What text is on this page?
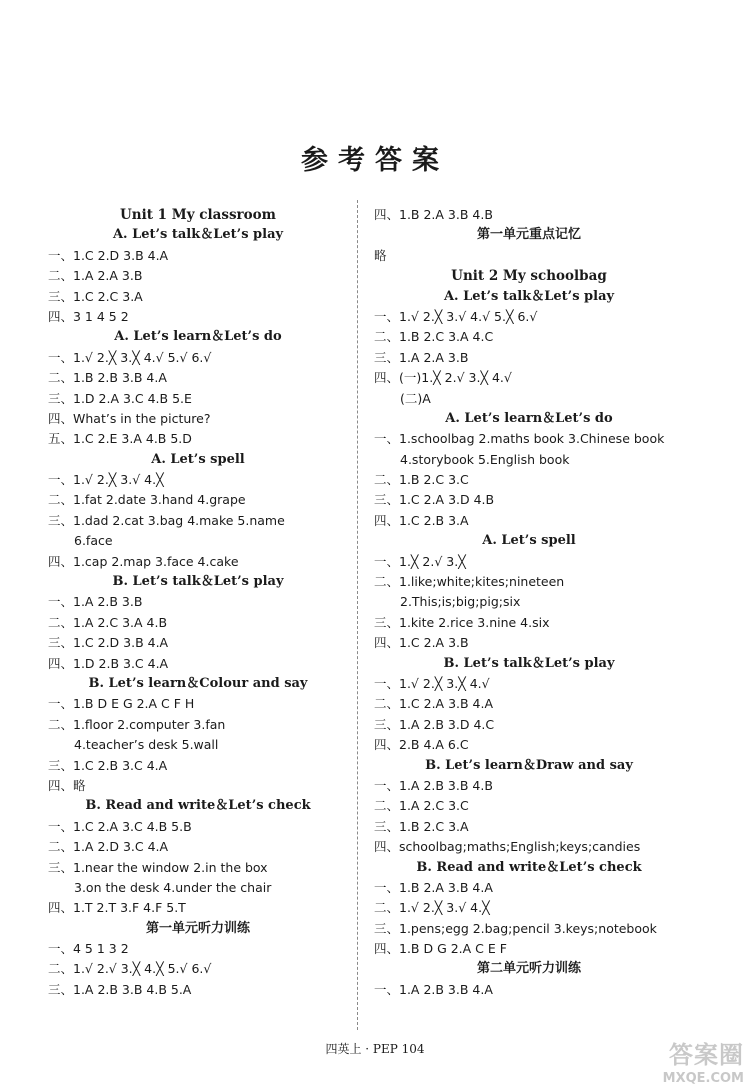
参考答案
Unit 1 My classroom
A. Let’s talk＆Let’s play
一、1.C 2.D 3.B 4.A
二、1.A 2.A 3.B
三、1.C 2.C 3.A
四、3 1 4 5 2
A. Let’s learn＆Let’s do
一、1.√ 2.╳ 3.╳ 4.√ 5.√ 6.√
二、1.B 2.B 3.B 4.A
三、1.D 2.A 3.C 4.B 5.E
四、What’s in the picture?
五、1.C 2.E 3.A 4.B 5.D
A. Let’s spell
一、1.√ 2.╳ 3.√ 4.╳
二、1.fat 2.date 3.hand 4.grape
三、1.dad 2.cat 3.bag 4.make 5.name
6.face
四、1.cap 2.map 3.face 4.cake
B. Let’s talk＆Let’s play
一、1.A 2.B 3.B
二、1.A 2.C 3.A 4.B
三、1.C 2.D 3.B 4.A
四、1.D 2.B 3.C 4.A
B. Let’s learn＆Colour and say
一、1.B D E G 2.A C F H
二、1.floor 2.computer 3.fan
4.teacher’s desk 5.wall
三、1.C 2.B 3.C 4.A
四、略
B. Read and write＆Let’s check
一、1.C 2.A 3.C 4.B 5.B
二、1.A 2.D 3.C 4.A
三、1.near the window 2.in the box
3.on the desk 4.under the chair
四、1.T 2.T 3.F 4.F 5.T
第一单元听力训练
一、4 5 1 3 2
二、1.√ 2.√ 3.╳ 4.╳ 5.√ 6.√
三、1.A 2.B 3.B 4.B 5.A
四、1.B 2.A 3.B 4.B
第一单元重点记忆
略
Unit 2 My schoolbag
A. Let’s talk＆Let’s play
一、1.√ 2.╳ 3.√ 4.√ 5.╳ 6.√
二、1.B 2.C 3.A 4.C
三、1.A 2.A 3.B
四、(一)1.╳ 2.√ 3.╳ 4.√
(二)A
A. Let’s learn＆Let’s do
一、1.schoolbag 2.maths book 3.Chinese book
4.storybook 5.English book
二、1.B 2.C 3.C
三、1.C 2.A 3.D 4.B
四、1.C 2.B 3.A
A. Let’s spell
一、1.╳ 2.√ 3.╳
二、1.like;white;kites;nineteen
2.This;is;big;pig;six
三、1.kite 2.rice 3.nine 4.six
四、1.C 2.A 3.B
B. Let’s talk＆Let’s play
一、1.√ 2.╳ 3.╳ 4.√
二、1.C 2.A 3.B 4.A
三、1.A 2.B 3.D 4.C
四、2.B 4.A 6.C
B. Let’s learn＆Draw and say
一、1.A 2.B 3.B 4.B
二、1.A 2.C 3.C
三、1.B 2.C 3.A
四、schoolbag;maths;English;keys;candies
B. Read and write＆Let’s check
一、1.B 2.A 3.B 4.A
二、1.√ 2.╳ 3.√ 4.╳
三、1.pens;egg 2.bag;pencil 3.keys;notebook
四、1.B D G 2.A C E F
第二单元听力训练
一、1.A 2.B 3.B 4.A
四英上 · PEP 104	答案圈
MXQE.COM
